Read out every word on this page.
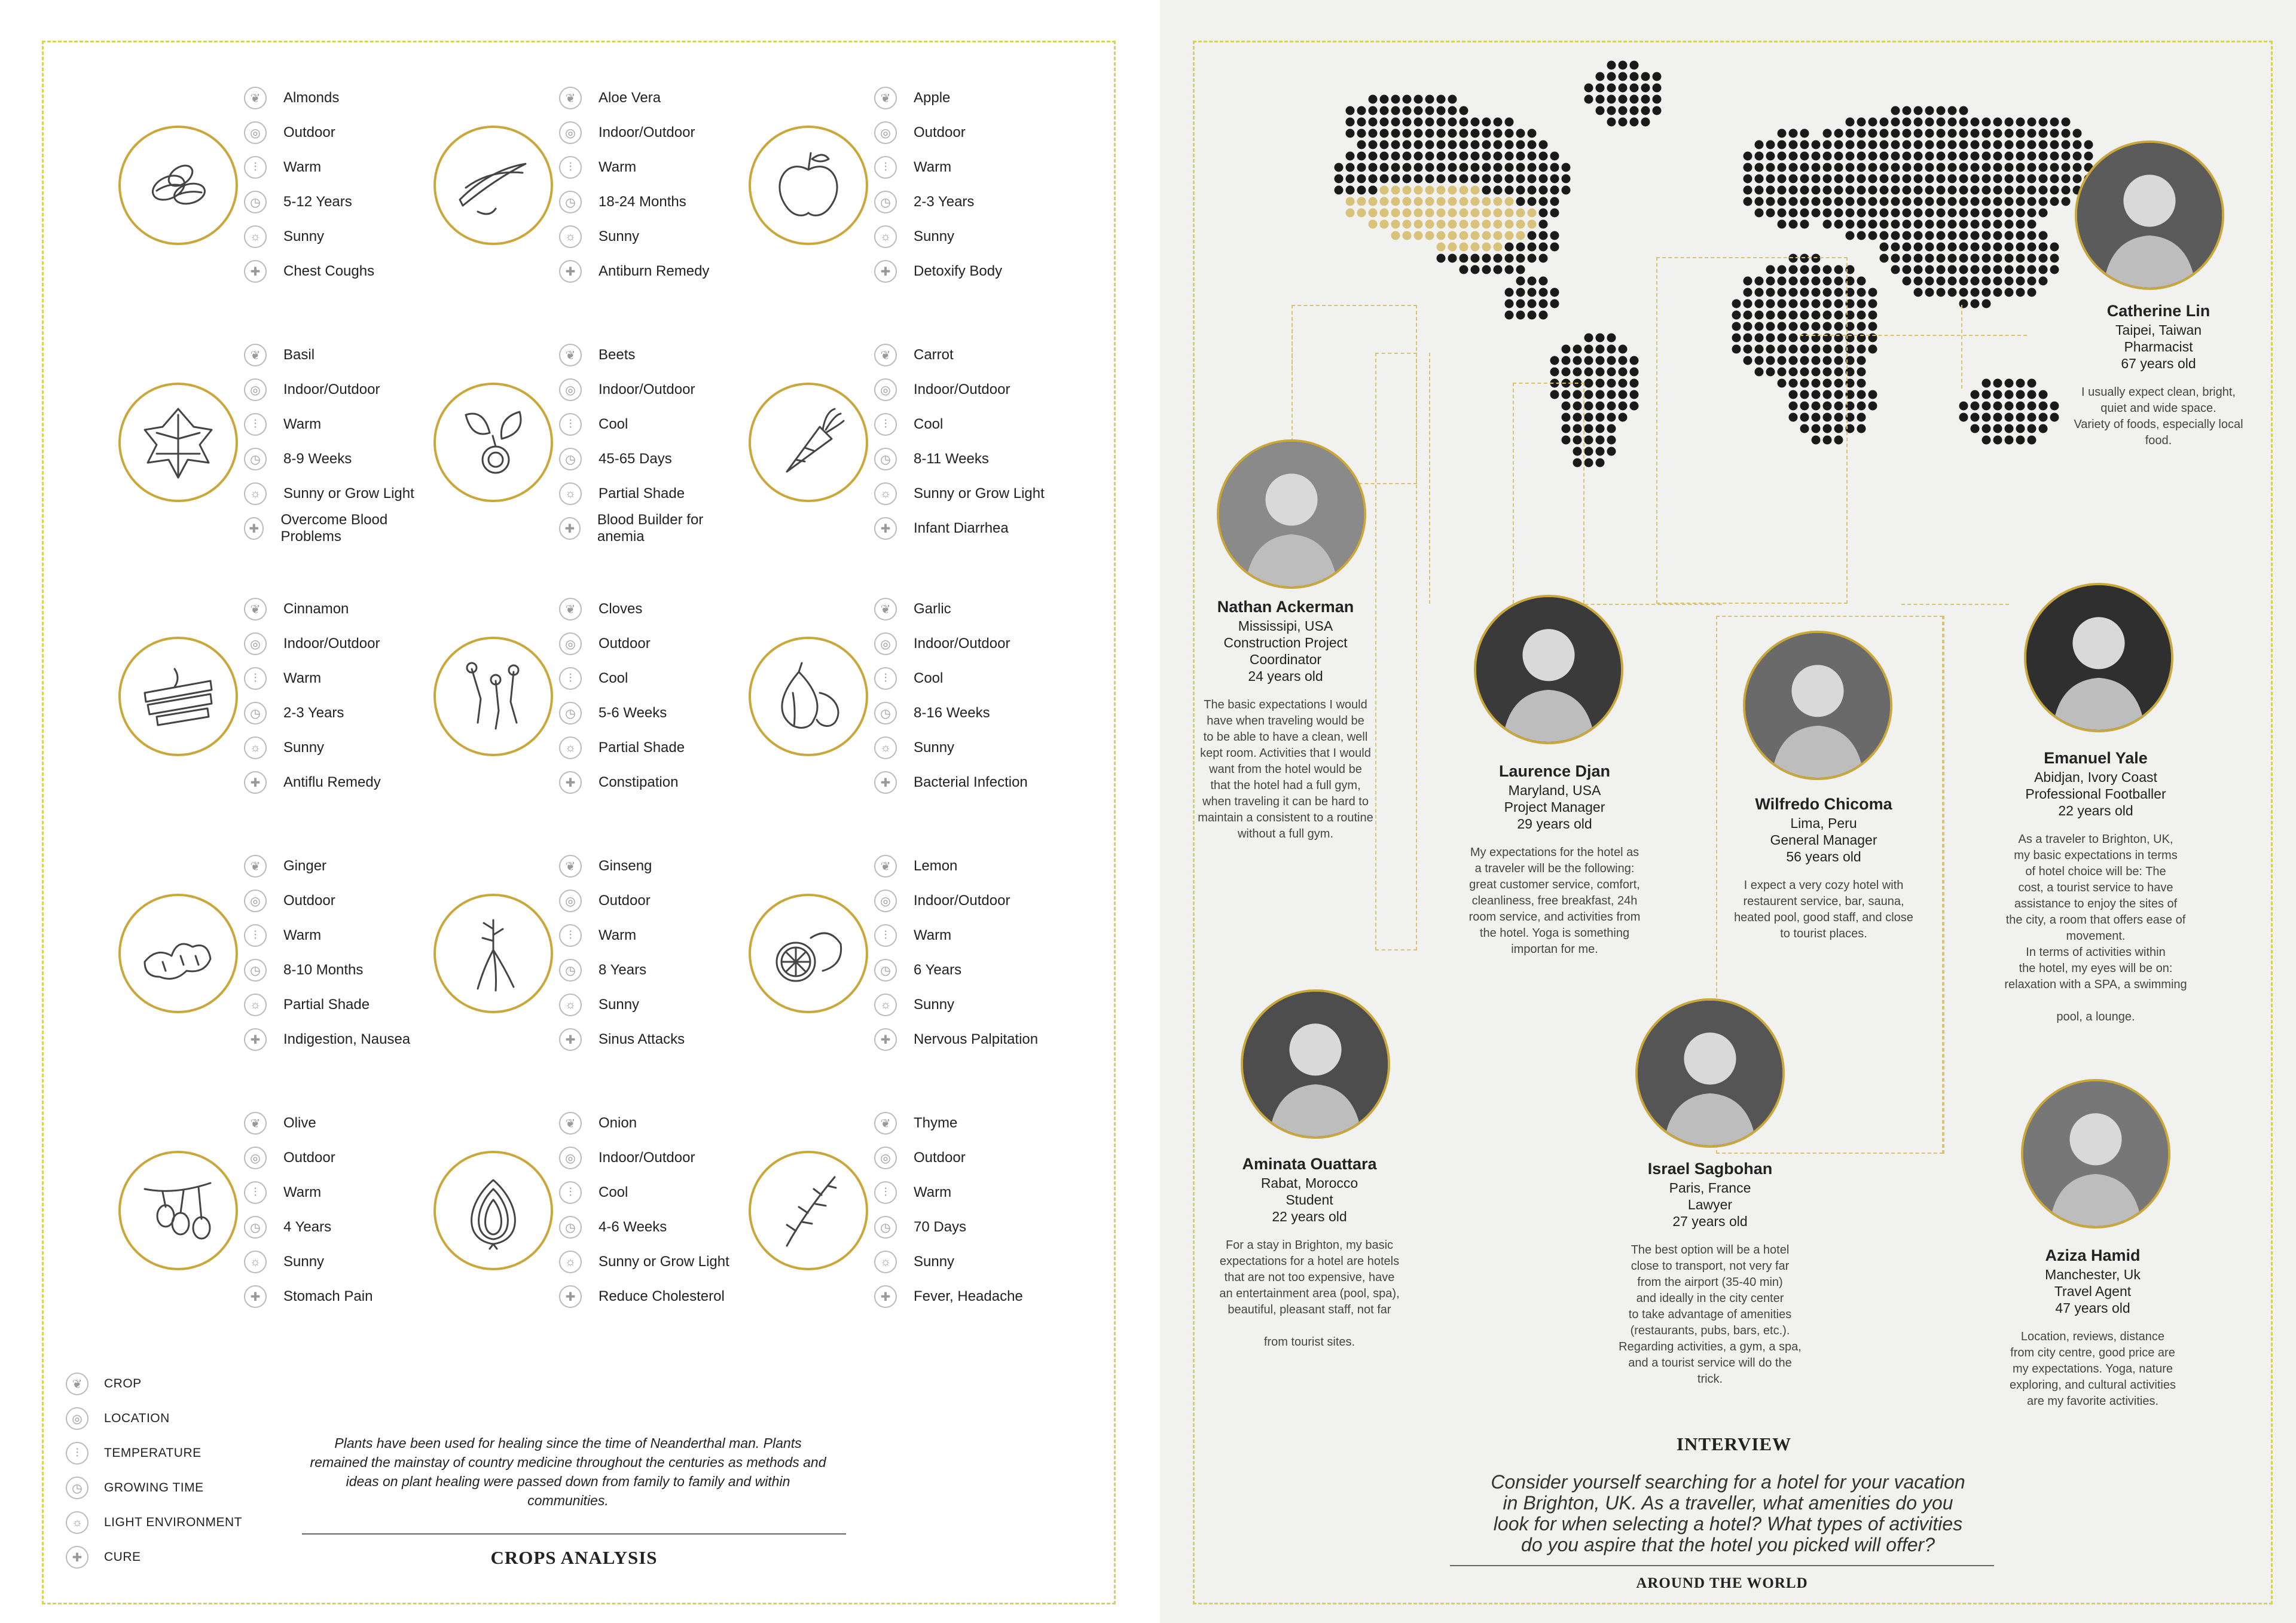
❦	Almonds
◎	Outdoor
⫶	Warm
◷	5-12 Years
☼	Sunny
✚	Chest Coughs
❦	Aloe Vera
◎	Indoor/Outdoor
⫶	Warm
◷	18-24 Months
☼	Sunny
✚	Antiburn Remedy
❦	Apple
◎	Outdoor
⫶	Warm
◷	2-3 Years
☼	Sunny
✚	Detoxify Body
❦	Basil
◎	Indoor/Outdoor
⫶	Warm
◷	8-9 Weeks
☼	Sunny or Grow Light
✚
Overcome Blood Problems
❦	Beets
◎	Indoor/Outdoor
⫶	Cool
◷	45-65 Days
☼	Partial Shade
✚
Blood Builder for anemia
❦	Carrot
◎	Indoor/Outdoor
⫶	Cool
◷	8-11 Weeks
☼	Sunny or Grow Light
✚	Infant Diarrhea
❦	Cinnamon
◎	Indoor/Outdoor
⫶	Warm
◷	2-3 Years
☼	Sunny
✚	Antiflu Remedy
❦	Cloves
◎	Outdoor
⫶	Cool
◷	5-6 Weeks
☼	Partial Shade
✚	Constipation
❦	Garlic
◎	Indoor/Outdoor
⫶	Cool
◷	8-16 Weeks
☼	Sunny
✚	Bacterial Infection
❦	Ginger
◎	Outdoor
⫶	Warm
◷	8-10 Months
☼	Partial Shade
✚	Indigestion, Nausea
❦	Ginseng
◎	Outdoor
⫶	Warm
◷	8 Years
☼	Sunny
✚	Sinus Attacks
❦	Lemon
◎	Indoor/Outdoor
⫶	Warm
◷	6 Years
☼	Sunny
✚	Nervous Palpitation
❦	Olive
◎	Outdoor
⫶	Warm
◷	4 Years
☼	Sunny
✚	Stomach Pain
❦	Onion
◎	Indoor/Outdoor
⫶	Cool
◷	4-6 Weeks
☼	Sunny or Grow Light
✚	Reduce Cholesterol
❦	Thyme
◎	Outdoor
⫶	Warm
◷	70 Days
☼	Sunny
✚	Fever, Headache
❦	CROP
◎	LOCATION
⫶	TEMPERATURE
◷	GROWING TIME
☼	LIGHT ENVIRONMENT
✚	CURE
Plants have been used for healing since the time of Neanderthal man. Plants remained the mainstay of country medicine throughout the centuries as methods and ideas on plant healing were passed down from family to family and within communities.
CROPS ANALYSIS
Catherine Lin
Taipei, Taiwan
Pharmacist
67 years old
I usually expect clean, bright,
quiet and wide space.
Variety of foods, especially local
food.
Nathan Ackerman
Mississipi, USA
Construction Project
Coordinator
24 years old
The basic expectations I would
have when traveling would be
to be able to have a clean, well
kept room. Activities that I would
want from the hotel would be
that the hotel had a full gym,
when traveling it can be hard to
maintain a consistent to a routine
without a full gym.
Laurence Djan
Maryland, USA
Project Manager
29 years old
My expectations for the hotel as
a traveler will be the following:
great customer service, comfort,
cleanliness, free breakfast, 24h
room service, and activities from
the hotel. Yoga is something
importan for me.
Wilfredo Chicoma
Lima, Peru
General Manager
56 years old
I expect a very cozy hotel with
restaurent service, bar, sauna,
heated pool, good staff, and close
to tourist places.
Emanuel Yale
Abidjan, Ivory Coast
Professional Footballer
22 years old
As a traveler to Brighton, UK,
my basic expectations in terms
of hotel choice will be: The
cost, a tourist service to have
assistance to enjoy the sites of
the city, a room that offers ease of
movement.
In terms of activities within
the hotel, my eyes will be on:
relaxation with a SPA, a swimming
pool, a lounge.
Aminata Ouattara
Rabat, Morocco
Student
22 years old
For a stay in Brighton, my basic
expectations for a hotel are hotels
that are not too expensive, have
an entertainment area (pool, spa),
beautiful, pleasant staff, not far
from tourist sites.
Israel Sagbohan
Paris, France
Lawyer
27 years old
The best option will be a hotel
close to transport, not very far
from the airport (35-40 min)
and ideally in the city center
to take advantage of amenities
(restaurants, pubs, bars, etc.).
Regarding activities, a gym, a spa,
and a tourist service will do the
trick.
Aziza Hamid
Manchester, Uk
Travel Agent
47 years old
Location, reviews, distance
from city centre, good price are
my expectations. Yoga, nature
exploring, and cultural activities
are my favorite activities.
INTERVIEW
Consider yourself searching for a hotel for your vacation
in Brighton, UK. As a traveller, what amenities do you
look for when selecting a hotel? What types of activities
do you aspire that the hotel you picked will offer?
AROUND THE WORLD
